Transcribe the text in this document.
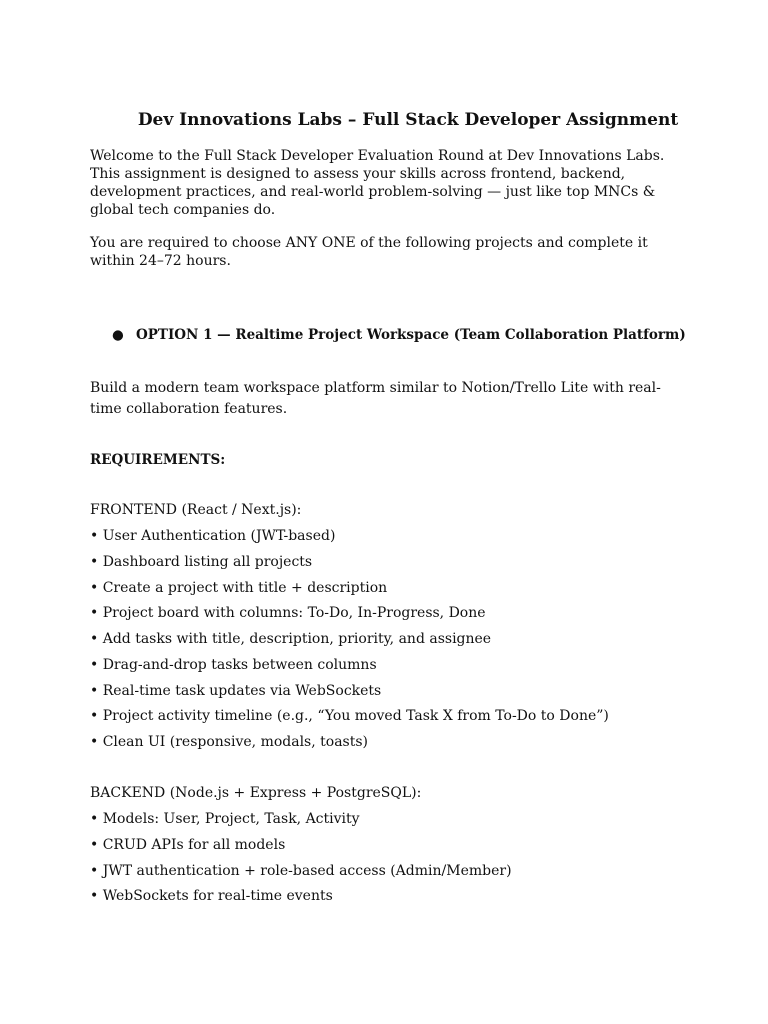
Dev Innovations Labs – Full Stack Developer Assignment

Welcome to the Full Stack Developer Evaluation Round at Dev Innovations Labs. This assignment is designed to assess your skills across frontend, backend, development practices, and real-world problem-solving — just like top MNCs & global tech companies do.

You are required to choose ANY ONE of the following projects and complete it within 24–72 hours.

● OPTION 1 — Realtime Project Workspace (Team Collaboration Platform)

Build a modern team workspace platform similar to Notion/Trello Lite with real-time collaboration features.

REQUIREMENTS:

FRONTEND (React / Next.js):

• User Authentication (JWT-based)
• Dashboard listing all projects
• Create a project with title + description
• Project board with columns: To-Do, In-Progress, Done
• Add tasks with title, description, priority, and assignee
• Drag-and-drop tasks between columns
• Real-time task updates via WebSockets
• Project activity timeline (e.g., “You moved Task X from To-Do to Done”)
• Clean UI (responsive, modals, toasts)

BACKEND (Node.js + Express + PostgreSQL):

• Models: User, Project, Task, Activity
• CRUD APIs for all models
• JWT authentication + role-based access (Admin/Member)
• WebSockets for real-time events
